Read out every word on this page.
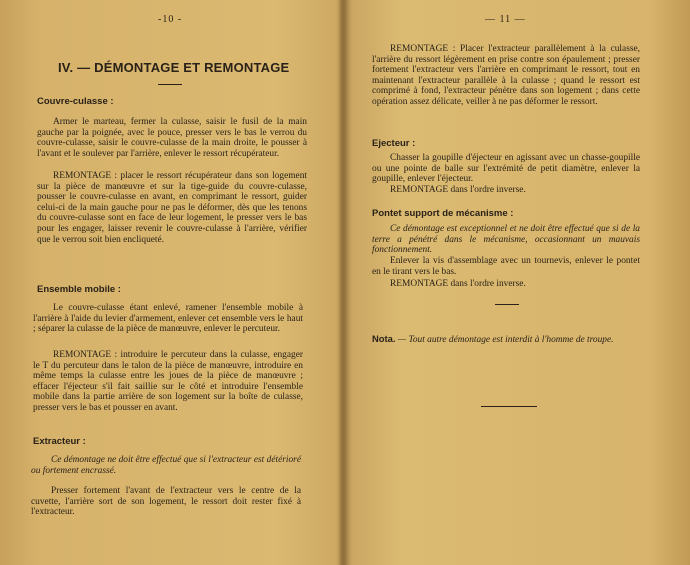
-10 -
IV. — DÉMONTAGE ET REMONTAGE
Couvre-culasse :

Armer le marteau, fermer la culasse, saisir le fusil de la main gauche par la poignée, avec le pouce, presser vers le bas le verrou du couvre-culasse, saisir le couvre-culasse de la main droite, le pousser à l'avant et le soulever par l'arrière, enlever le ressort récupérateur.

REMONTAGE : placer le ressort récupérateur dans son logement sur la pièce de manœuvre et sur la tige-guide du couvre-culasse, pousser le couvre-culasse en avant, en comprimant le ressort, guider celui-ci de la main gauche pour ne pas le déformer, dès que les tenons du couvre-culasse sont en face de leur logement, le presser vers le bas pour les engager, laisser revenir le couvre-culasse à l'arrière, vérifier que le verrou soit bien encliqueté.

Ensemble mobile :

Le couvre-culasse étant enlevé, ramener l'ensemble mobile à l'arrière à l'aide du levier d'armement, enlever cet ensemble vers le haut ; séparer la culasse de la pièce de manœuvre, enlever le percuteur.

REMONTAGE : introduire le percuteur dans la culasse, engager le T du percuteur dans le talon de la pièce de manœuvre, introduire en même temps la culasse entre les joues de la pièce de manœuvre ; effacer l'éjecteur s'il fait saillie sur le côté et introduire l'ensemble mobile dans la partie arrière de son logement sur la boîte de culasse, presser vers le bas et pousser en avant.

Extracteur :

Ce démontage ne doit être effectué que si l'extracteur est détérioré ou fortement encrassé.

Presser fortement l'avant de l'extracteur vers le centre de la cuvette, l'arrière sort de son logement, le ressort doit rester fixé à l'extracteur.

— 11 —

REMONTAGE : Placer l'extracteur parallèlement à la culasse, l'arrière du ressort légèrement en prise contre son épaulement ; presser fortement l'extracteur vers l'arrière en comprimant le ressort, tout en maintenant l'extracteur parallèle à la culasse ; quand le ressort est comprimé à fond, l'extracteur pénètre dans son logement ; dans cette opération assez délicate, veiller à ne pas déformer le ressort.

Ejecteur :

Chasser la goupille d'éjecteur en agissant avec un chasse-goupille ou une pointe de balle sur l'extrémité de petit diamètre, enlever la goupille, enlever l'éjecteur.

REMONTAGE dans l'ordre inverse.

Pontet support de mécanisme :

Ce démontage est exceptionnel et ne doit être effectué que si de la terre a pénétré dans le mécanisme, occasionnant un mauvais fonctionnement.

Enlever la vis d'assemblage avec un tournevis, enlever le pontet en le tirant vers le bas.

REMONTAGE dans l'ordre inverse.

Nota. — Tout autre démontage est interdit à l'homme de troupe.
